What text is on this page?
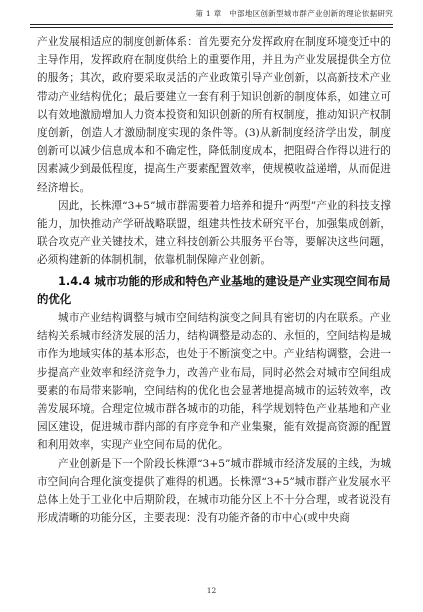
第 1 章　中部地区创新型城市群产业创新的理论依据研究

产业发展相适应的制度创新体系：首先要充分发挥政府在制度环境变迁中的主导作用，发挥政府在制度供给上的重要作用，并且为产业发展提供全方位的服务；其次，政府要采取灵活的产业政策引导产业创新，以高新技术产业带动产业结构优化；最后要建立一套有利于知识创新的制度体系，如建立可以有效地激励增加人力资本投资和知识创新的所有权制度，推动知识产权制度创新，创造人才激励制度实现的条件等。(3)从新制度经济学出发，制度创新可以减少信息成本和不确定性，降低制度成本，把阻碍合作得以进行的因素减少到最低程度，提高生产要素配置效率，使规模收益递增，从而促进经济增长。

因此，长株潭“3+5”城市群需要着力培养和提升“两型”产业的科技支撑能力，加快推动产学研战略联盟，组建共性技术研究平台，加强集成创新，联合攻克产业关键技术，建立科技创新公共服务平台等，要解决这些问题，必须构建新的体制机制，依靠机制保障产业创新。

1.4.4 城市功能的形成和特色产业基地的建设是产业实现空间布局的优化

城市产业结构调整与城市空间结构演变之间具有密切的内在联系。产业结构关系城市经济发展的活力，结构调整是动态的、永恒的，空间结构是城市作为地域实体的基本形态，也处于不断演变之中。产业结构调整，会进一步提高产业效率和经济竞争力，改善产业布局，同时必然会对城市空间组成要素的布局带来影响，空间结构的优化也会显著地提高城市的运转效率，改善发展环境。合理定位城市群各城市的功能，科学规划特色产业基地和产业园区建设，促进城市群内部的有序竞争和产业集聚，能有效提高资源的配置和利用效率，实现产业空间布局的优化。

产业创新是下一个阶段长株潭“3+5”城市群城市经济发展的主线，为城市空间向合理化演变提供了难得的机遇。长株潭“3+5”城市群产业发展水平总体上处于工业化中后期阶段，在城市功能分区上不十分合理，或者说没有形成清晰的功能分区，主要表现：没有功能齐备的市中心(或中央商

12
